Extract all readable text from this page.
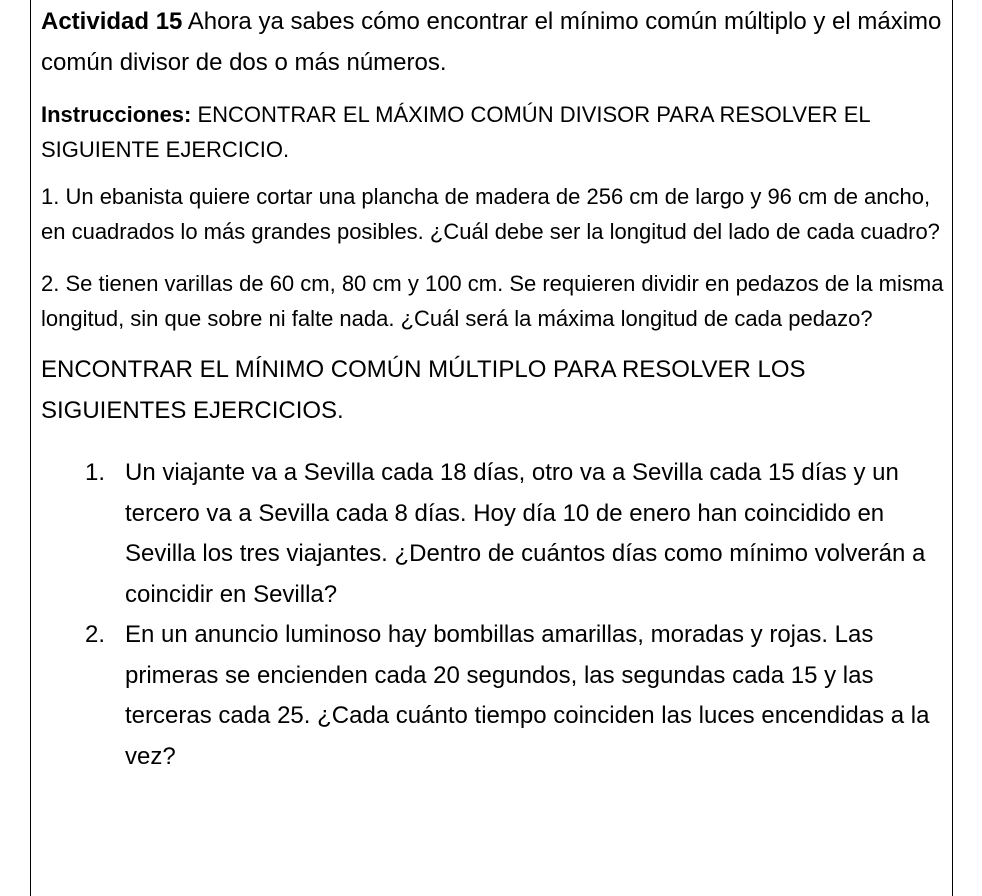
Actividad 15 Ahora ya sabes cómo encontrar el mínimo común múltiplo y el máximo común divisor de dos o más números.

Instrucciones: ENCONTRAR EL MÁXIMO COMÚN DIVISOR PARA RESOLVER EL SIGUIENTE EJERCICIO.

1. Un ebanista quiere cortar una plancha de madera de 256 cm de largo y 96 cm de ancho, en cuadrados lo más grandes posibles. ¿Cuál debe ser la longitud del lado de cada cuadro?

2. Se tienen varillas de 60 cm, 80 cm y 100 cm. Se requieren dividir en pedazos de la misma longitud, sin que sobre ni falte nada. ¿Cuál será la máxima longitud de cada pedazo?

ENCONTRAR EL MÍNIMO COMÚN MÚLTIPLO PARA RESOLVER LOS SIGUIENTES EJERCICIOS.

1. Un viajante va a Sevilla cada 18 días, otro va a Sevilla cada 15 días y un tercero va a Sevilla cada 8 días. Hoy día 10 de enero han coincidido en Sevilla los tres viajantes. ¿Dentro de cuántos días como mínimo volverán a coincidir en Sevilla?
2. En un anuncio luminoso hay bombillas amarillas, moradas y rojas. Las primeras se encienden cada 20 segundos, las segundas cada 15 y las terceras cada 25. ¿Cada cuánto tiempo coinciden las luces encendidas a la vez?
